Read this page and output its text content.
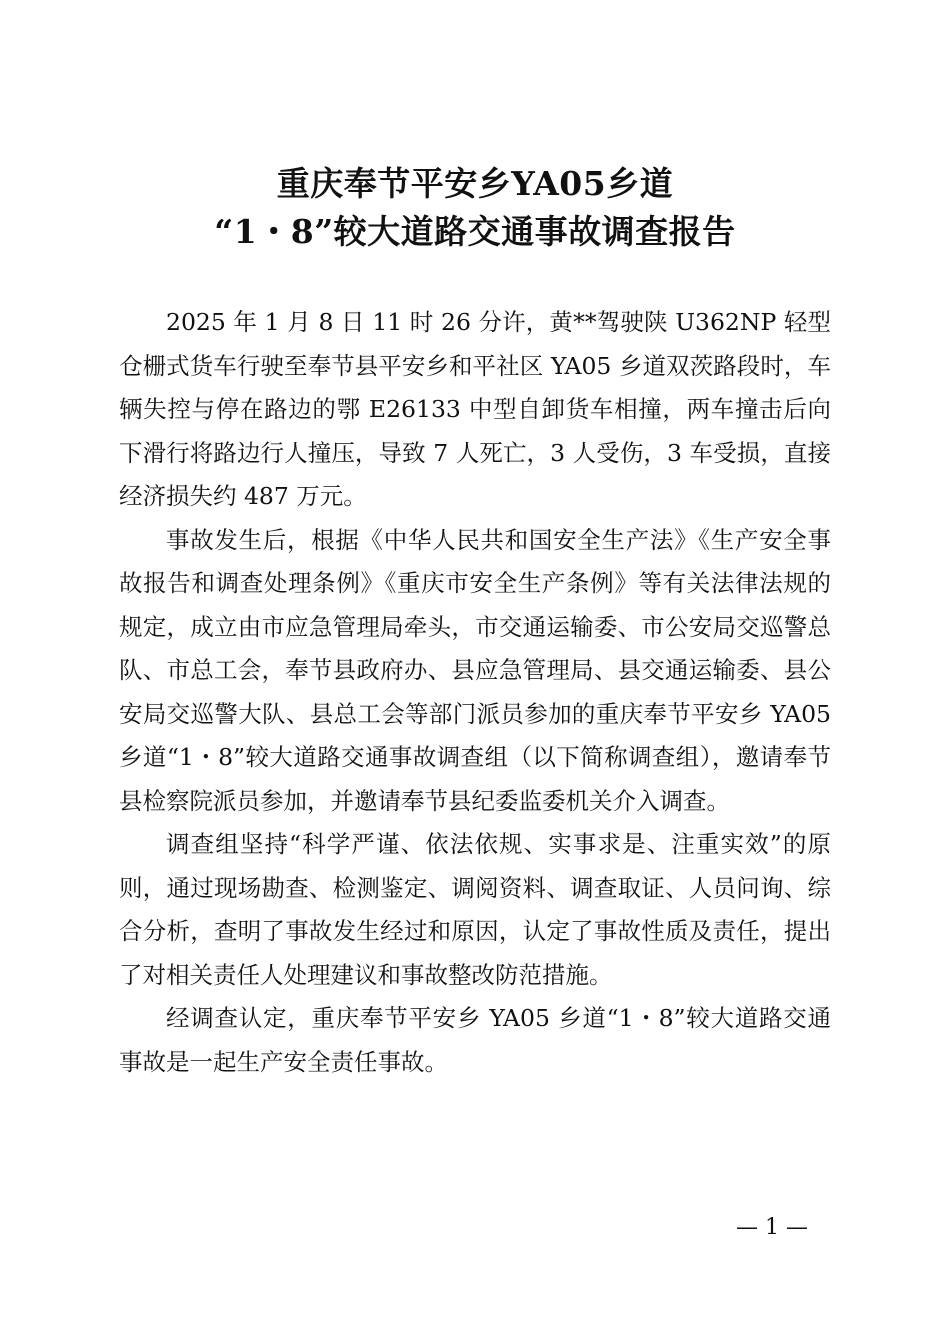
重庆奉节平安乡YA05乡道
“1・8”较大道路交通事故调查报告

2025 年 1 月 8 日 11 时 26 分许，黄**驾驶陕 U362NP 轻型仓栅式货车行驶至奉节县平安乡和平社区 YA05 乡道双茨路段时，车辆失控与停在路边的鄂 E26133 中型自卸货车相撞，两车撞击后向下滑行将路边行人撞压，导致 7 人死亡，3 人受伤，3 车受损，直接经济损失约 487 万元。

事故发生后，根据《中华人民共和国安全生产法》《生产安全事故报告和调查处理条例》《重庆市安全生产条例》等有关法律法规的规定，成立由市应急管理局牵头，市交通运输委、市公安局交巡警总队、市总工会，奉节县政府办、县应急管理局、县交通运输委、县公安局交巡警大队、县总工会等部门派员参加的重庆奉节平安乡 YA05 乡道“1・8”较大道路交通事故调查组（以下简称调查组），邀请奉节县检察院派员参加，并邀请奉节县纪委监委机关介入调查。

调查组坚持“科学严谨、依法依规、实事求是、注重实效”的原则，通过现场勘查、检测鉴定、调阅资料、调查取证、人员问询、综合分析，查明了事故发生经过和原因，认定了事故性质及责任，提出了对相关责任人处理建议和事故整改防范措施。

经调查认定，重庆奉节平安乡 YA05 乡道“1・8”较大道路交通事故是一起生产安全责任事故。

— 1 —
